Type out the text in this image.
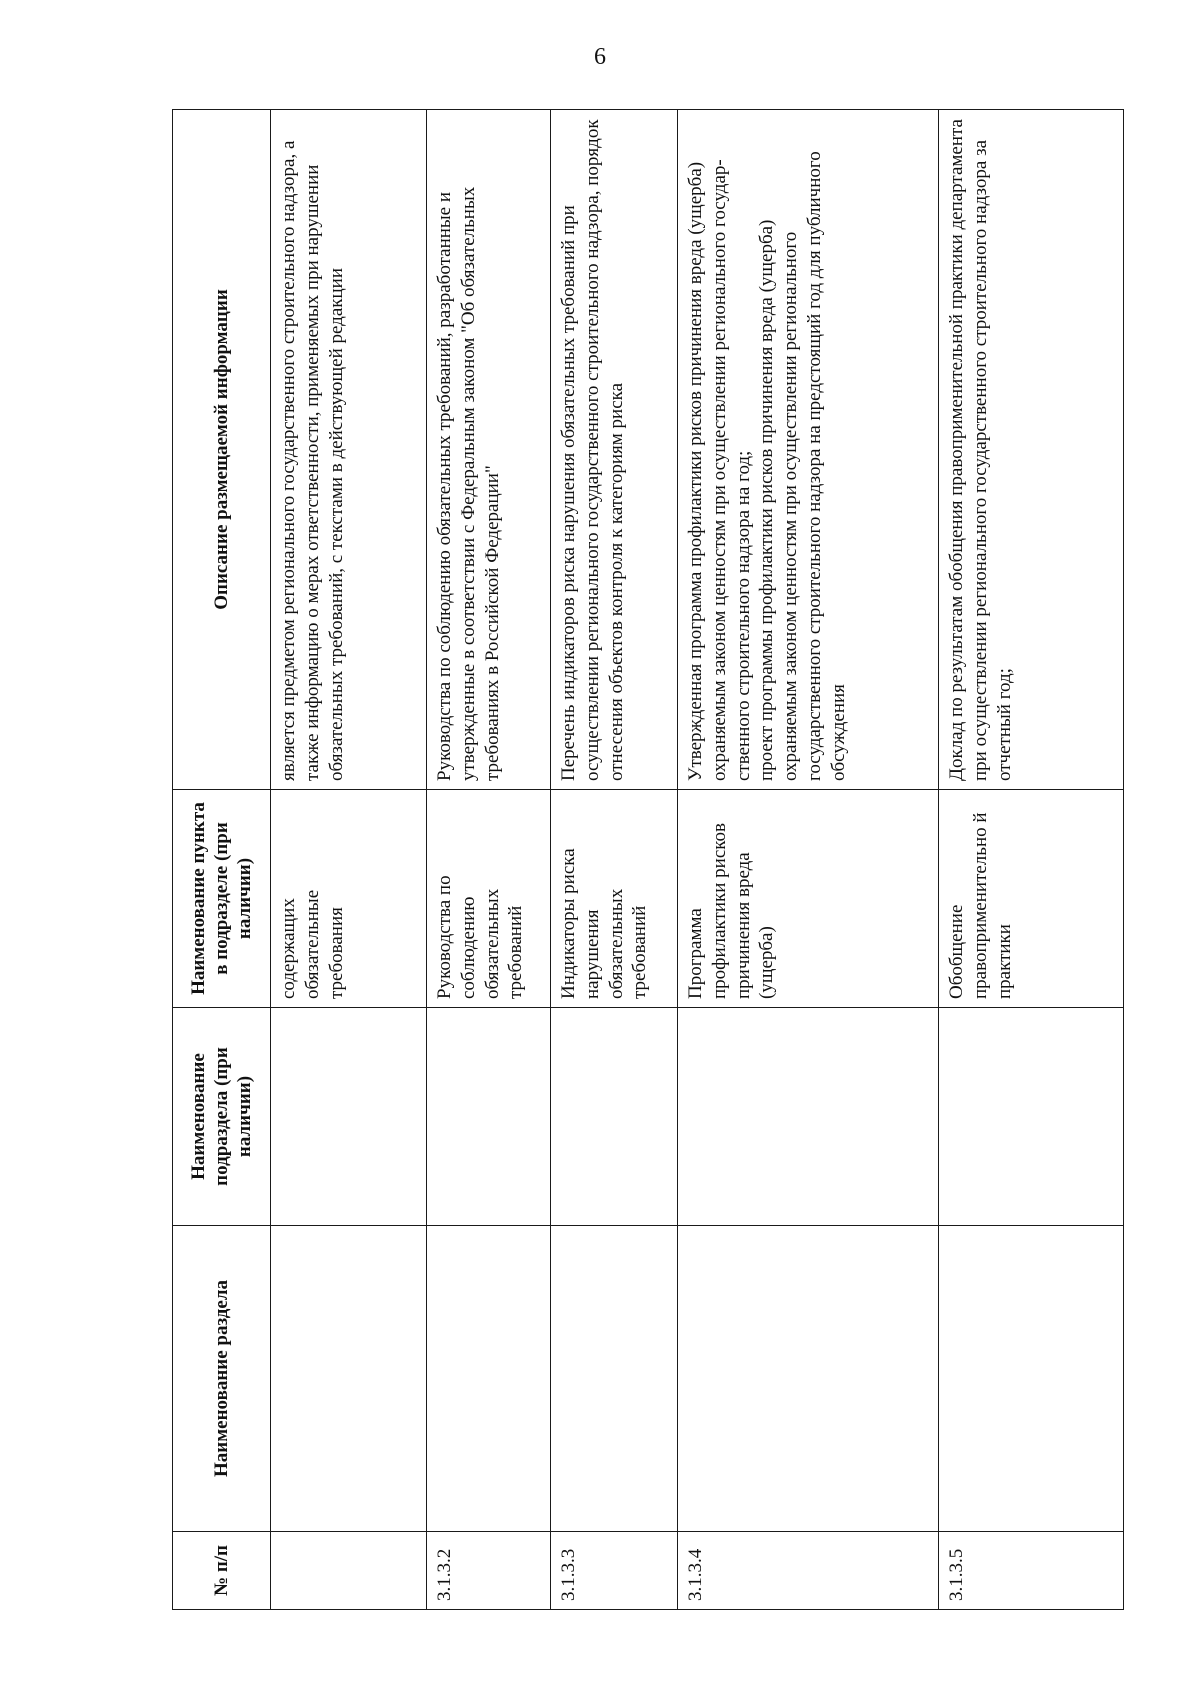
6
№ п/п	Наименование раздела	Наименование подраздела (при наличии)	Наименование пункта в подразделе (при наличии)	Описание размещаемой информации
			содержащих обязательные требования	является предметом регионального государственного строительного надзора, а также информацию о мерах ответственности, применяемых при нарушении обязательных требований, с текстами в действующей редакции
3.1.3.2			Руководства по соблюдению обязательных требований	Руководства по соблюдению обязательных требований, разработанные и утвержденные в соответствии с Федеральным законом "Об обязательных требованиях в Российской Федерации"
3.1.3.3			Индикаторы риска нарушения обязательных требований	Перечень индикаторов риска нарушения обязательных требований при осуществлении регионального государственного строительного надзора, порядок отнесения объектов контроля к категориям риска
3.1.3.4			Программа профилактики рисков причинения вреда (ущерба)	Утвержденная программа профилактики рисков причинения вреда (ущерба) охраняемым законом ценностям при осуществлении регионального государ-ственного строительного надзора на год; проект программы профилактики рисков причинения вреда (ущерба) охраняемым законом ценностям при осуществлении регионального государственного строительного надзора на предстоящий год для публичного обсуждения

3.1.3.5			Обобщение правоприменительно й практики	Доклад по результатам обобщения правоприменительной практики департамента при осуществлении регионального государственного строительного надзора за отчетный год;
